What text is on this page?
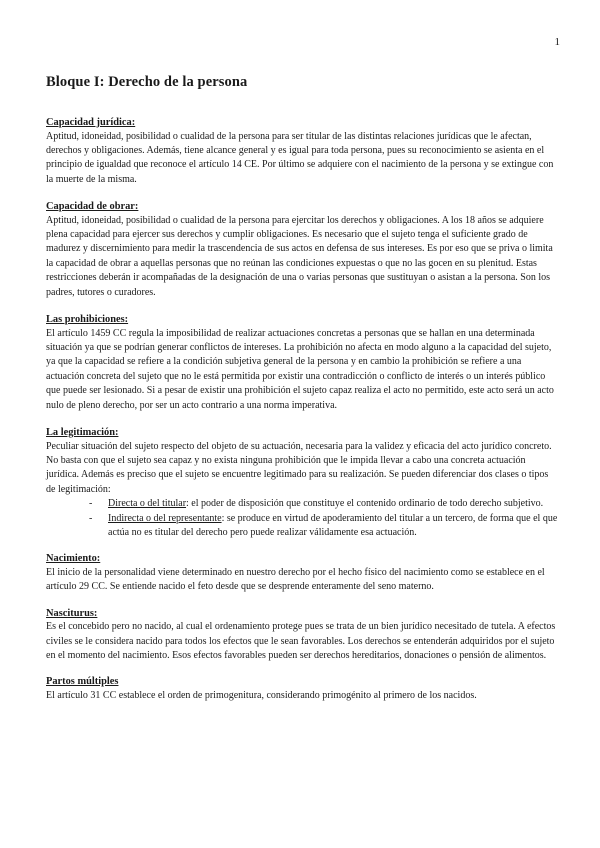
1
Bloque I: Derecho de la persona
Capacidad jurídica:

Aptitud, idoneidad, posibilidad o cualidad de la persona para ser titular de las distintas relaciones jurídicas que le afectan, derechos y obligaciones. Además, tiene alcance general y es igual para toda persona, pues su reconocimiento se asienta en el principio de igualdad que reconoce el artículo 14 CE. Por último se adquiere con el nacimiento de la persona y se extingue con la muerte de la misma.

Capacidad de obrar:

Aptitud, idoneidad, posibilidad o cualidad de la persona para ejercitar los derechos y obligaciones. A los 18 años se adquiere plena capacidad para ejercer sus derechos y cumplir obligaciones. Es necesario que el sujeto tenga el suficiente grado de madurez y discernimiento para medir la trascendencia de sus actos en defensa de sus intereses. Es por eso que se priva o limita la capacidad de obrar a aquellas personas que no reúnan las condiciones expuestas o que no las gocen en su plenitud. Estas restricciones deberán ir acompañadas de la designación de una o varias personas que sustituyan o asistan a la persona. Son los padres, tutores o curadores.

Las prohibiciones:

El artículo 1459 CC regula la imposibilidad de realizar actuaciones concretas a personas que se hallan en una determinada situación ya que se podrían generar conflictos de intereses. La prohibición no afecta en modo alguno a la capacidad del sujeto, ya que la capacidad se refiere a la condición subjetiva general de la persona y en cambio la prohibición se refiere a una actuación concreta del sujeto que no le está permitida por existir una contradicción o conflicto de interés o un interés público que puede ser lesionado. Si a pesar de existir una prohibición el sujeto capaz realiza el acto no permitido, este acto será un acto nulo de pleno derecho, por ser un acto contrario a una norma imperativa.

La legitimación:

Peculiar situación del sujeto respecto del objeto de su actuación, necesaria para la validez y eficacia del acto jurídico concreto. No basta con que el sujeto sea capaz y no exista ninguna prohibición que le impida llevar a cabo una concreta actuación jurídica. Además es preciso que el sujeto se encuentre legitimado para su realización. Se pueden diferenciar dos clases o tipos de legitimación:

- Directa o del titular: el poder de disposición que constituye el contenido ordinario de todo derecho subjetivo.
- Indirecta o del representante: se produce en virtud de apoderamiento del titular a un tercero, de forma que el que actúa no es titular del derecho pero puede realizar válidamente esa actuación.
Nacimiento:

El inicio de la personalidad viene determinado en nuestro derecho por el hecho físico del nacimiento como se establece en el artículo 29 CC. Se entiende nacido el feto desde que se desprende enteramente del seno materno.

Nasciturus:

Es el concebido pero no nacido, al cual el ordenamiento protege pues se trata de un bien jurídico necesitado de tutela. A efectos civiles se le considera nacido para todos los efectos que le sean favorables. Los derechos se entenderán adquiridos por el sujeto en el momento del nacimiento. Esos efectos favorables pueden ser derechos hereditarios, donaciones o pensión de alimentos.

Partos múltiples

El artículo 31 CC establece el orden de primogenitura, considerando primogénito al primero de los nacidos.
